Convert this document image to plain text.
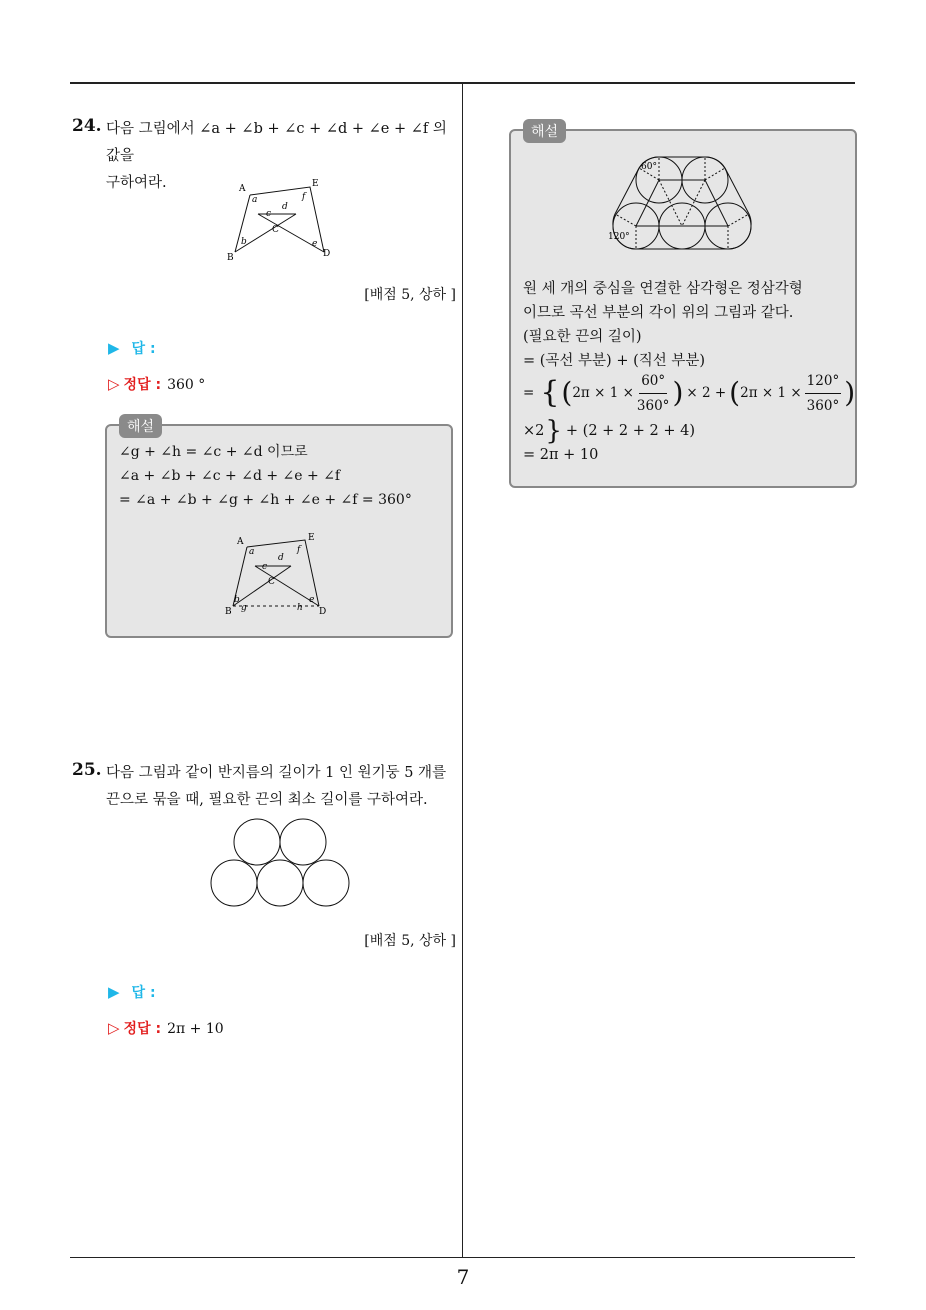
7
24. 다음 그림에서 ∠a + ∠b + ∠c + ∠d + ∠e + ∠f 의 값을
구하여라.	A	E
C
B	D
a	f
c
d
b	e
[배점 5, 상하 ]
▶ 답 :
▷ 정답 : 360 °
해설
∠g + ∠h = ∠c + ∠d 이므로
∠a + ∠b + ∠c + ∠d + ∠e + ∠f
= ∠a + ∠b + ∠g + ∠h + ∠e + ∠f = 360°
A	E
C
B	D
a	f
c
d
b
g	h
e
25. 다음 그림과 같이 반지름의 길이가 1 인 원기둥 5 개를
끈으로 묶을 때, 필요한 끈의 최소 길이를 구하여라.
[배점 5, 상하 ]
▶ 답 :
▷ 정답 : 2π + 10
해설
60°
120°
원 세 개의 중심을 연결한 삼각형은 정삼각형
이므로 곡선 부분의 각이 위의 그림과 같다.
(필요한 끈의 길이)
= (곡선 부분) + (직선 부분)
= { ( $2\pi \times 1 \times \frac{60^\circ}{360^\circ}$ ) × 2 + ( $2\pi \times 1 \times \frac{120^\circ}{360^\circ}$ )
×2 } + (2 + 2 + 2 + 4)
= 2π + 10
